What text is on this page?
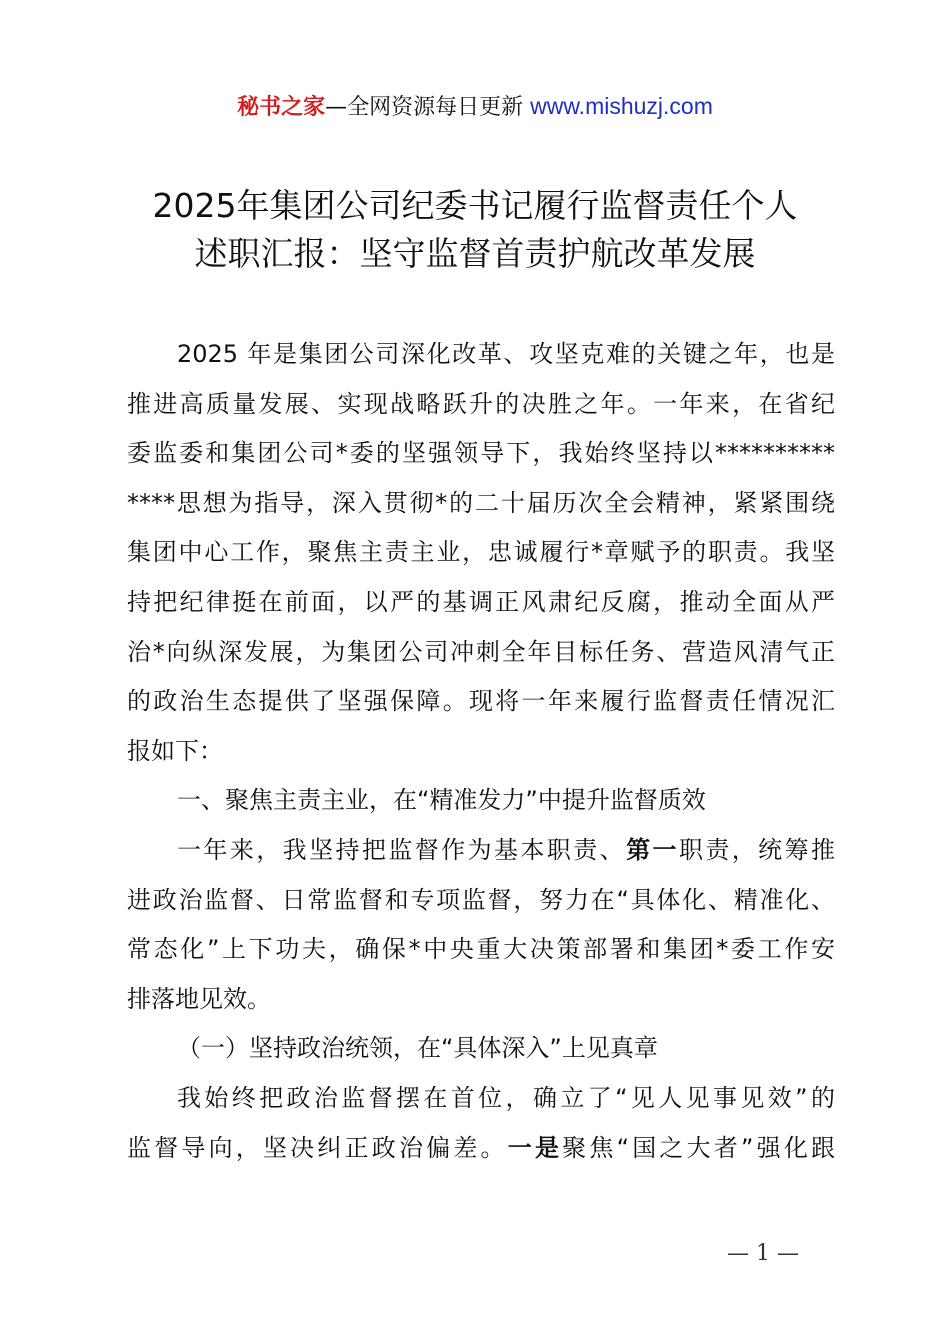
秘书之家—全网资源每日更新 www.mishuzj.com
2025年集团公司纪委书记履行监督责任个人
述职汇报：坚守监督首责护航改革发展
2025 年是集团公司深化改革、攻坚克难的关键之年，也是
推进高质量发展、实现战略跃升的决胜之年。一年来，在省纪
委监委和集团公司*委的坚强领导下，我始终坚持以**********
****思想为指导，深入贯彻*的二十届历次全会精神，紧紧围绕
集团中心工作，聚焦主责主业，忠诚履行*章赋予的职责。我坚
持把纪律挺在前面，以严的基调正风肃纪反腐，推动全面从严
治*向纵深发展，为集团公司冲刺全年目标任务、营造风清气正
的政治生态提供了坚强保障。现将一年来履行监督责任情况汇
报如下：
一、聚焦主责主业，在“精准发力”中提升监督质效
一年来，我坚持把监督作为基本职责、第一职责，统筹推
进政治监督、日常监督和专项监督，努力在“具体化、精准化、
常态化”上下功夫，确保*中央重大决策部署和集团*委工作安
排落地见效。
（一）坚持政治统领，在“具体深入”上见真章
我始终把政治监督摆在首位，确立了“见人见事见效”的
监督导向，坚决纠正政治偏差。一是聚焦“国之大者”强化跟
— 1 —
